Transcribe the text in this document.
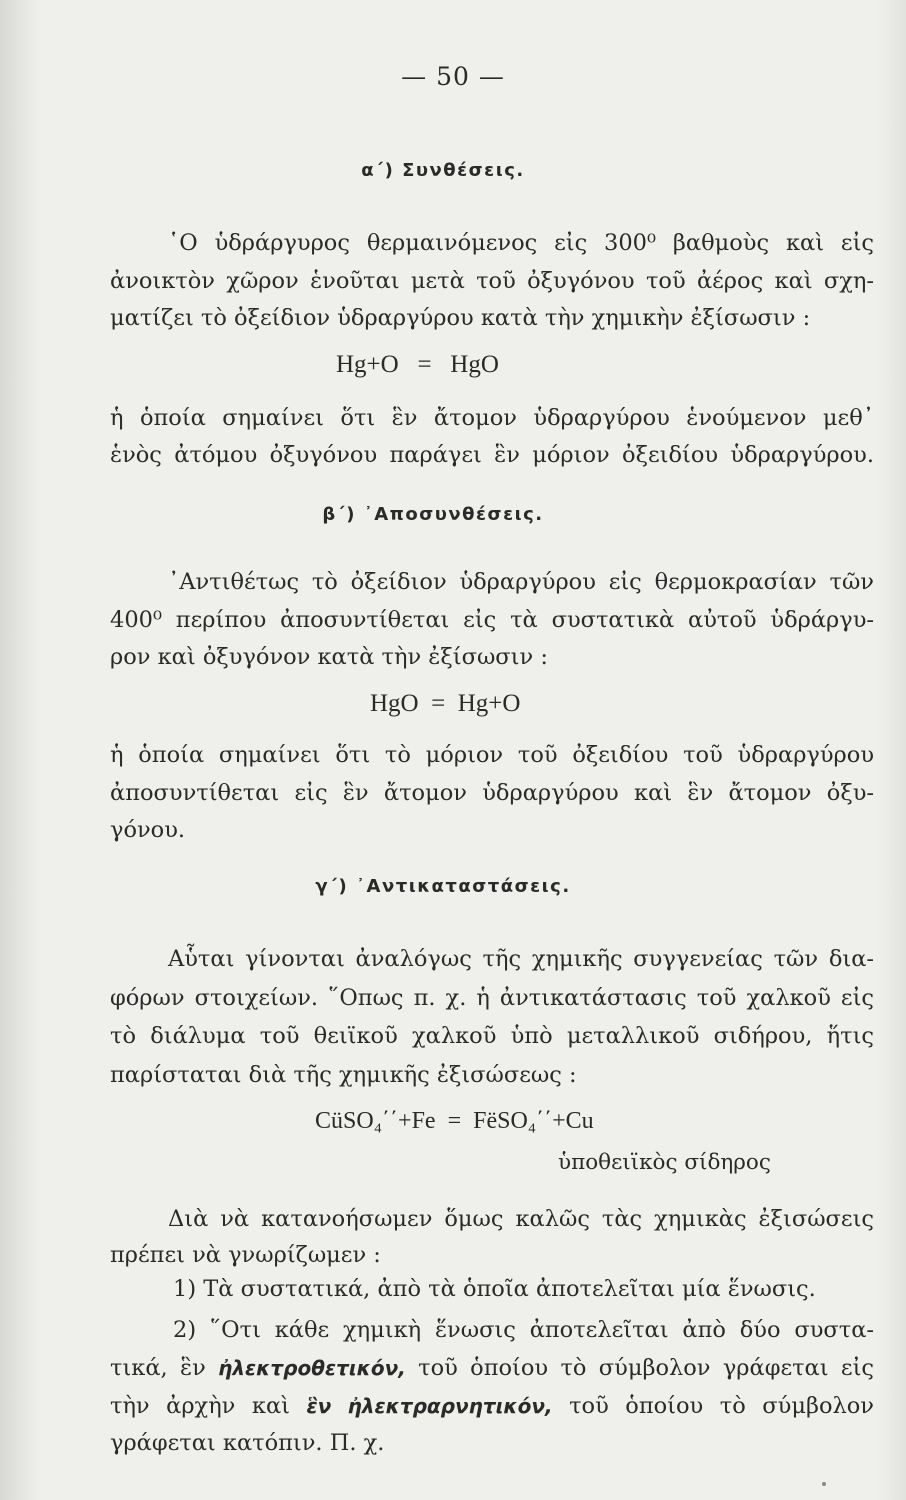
— 50 —
α΄) Συνθέσεις.
῾Ο ὑδράργυρος θερμαινόμενος εἰς 300⁰ βαθμοὺς καὶ εἰς
ἀνοικτὸν χῶρον ἑνοῦται μετὰ τοῦ ὀξυγόνου τοῦ ἀέρος καὶ σχη-
ματίζει τὸ ὀξείδιον ὑδραργύρου κατὰ τὴν χημικὴν ἐξίσωσιν :
Hg+O   =   HgO
ἡ ὁποία σημαίνει ὅτι ἓν ἄτομον ὑδραργύρου ἑνούμενον μεθ᾿
ἑνὸς ἀτόμου ὀξυγόνου παράγει ἓν μόριον ὀξειδίου ὑδραργύρου.
β΄) ᾿Αποσυνθέσεις.
᾿Αντιθέτως τὸ ὀξείδιον ὑδραργύρου εἰς θερμοκρασίαν τῶν
400⁰ περίπου ἀποσυντίθεται εἰς τὰ συστατικὰ αὐτοῦ ὑδράργυ-
ρον καὶ ὀξυγόνον κατὰ τὴν ἐξίσωσιν :
HgO  =  Hg+O
ἡ ὁποία σημαίνει ὅτι τὸ μόριον τοῦ ὀξειδίου τοῦ ὑδραργύρου
ἀποσυντίθεται εἰς ἓν ἄτομον ὑδραργύρου καὶ ἓν ἄτομον ὀξυ-
γόνου.
γ΄) ᾿Αντικαταστάσεις.
Αὗται γίνονται ἀναλόγως τῆς χημικῆς συγγενείας τῶν δια-
φόρων στοιχείων. ῞Οπως π. χ. ἡ ἀντικατάστασις τοῦ χαλκοῦ εἰς
τὸ διάλυμα τοῦ θειϊκοῦ χαλκοῦ ὑπὸ μεταλλικοῦ σιδήρου, ἥτις
παρίσταται διὰ τῆς χημικῆς ἐξισώσεως :
CüSO₄΄΄+Fe  =  FëSO₄΄΄+Cu
ὑποθειϊκὸς σίδηρος
Διὰ νὰ κατανοήσωμεν ὅμως καλῶς τὰς χημικὰς ἐξισώσεις
πρέπει νὰ γνωρίζωμεν :
1) Τὰ συστατικά, ἀπὸ τὰ ὁποῖα ἀποτελεῖται μία ἕνωσις.
2) ῞Οτι κάθε χημικὴ ἕνωσις ἀποτελεῖται ἀπὸ δύο συστα-
τικά, ἓν ἠλεκτροθετικόν, τοῦ ὁποίου τὸ σύμβολον γράφεται εἰς
τὴν ἀρχὴν καὶ ἓν ἠλεκτραρνητικόν, τοῦ ὁποίου τὸ σύμβολον
γράφεται κατόπιν. Π. χ.
